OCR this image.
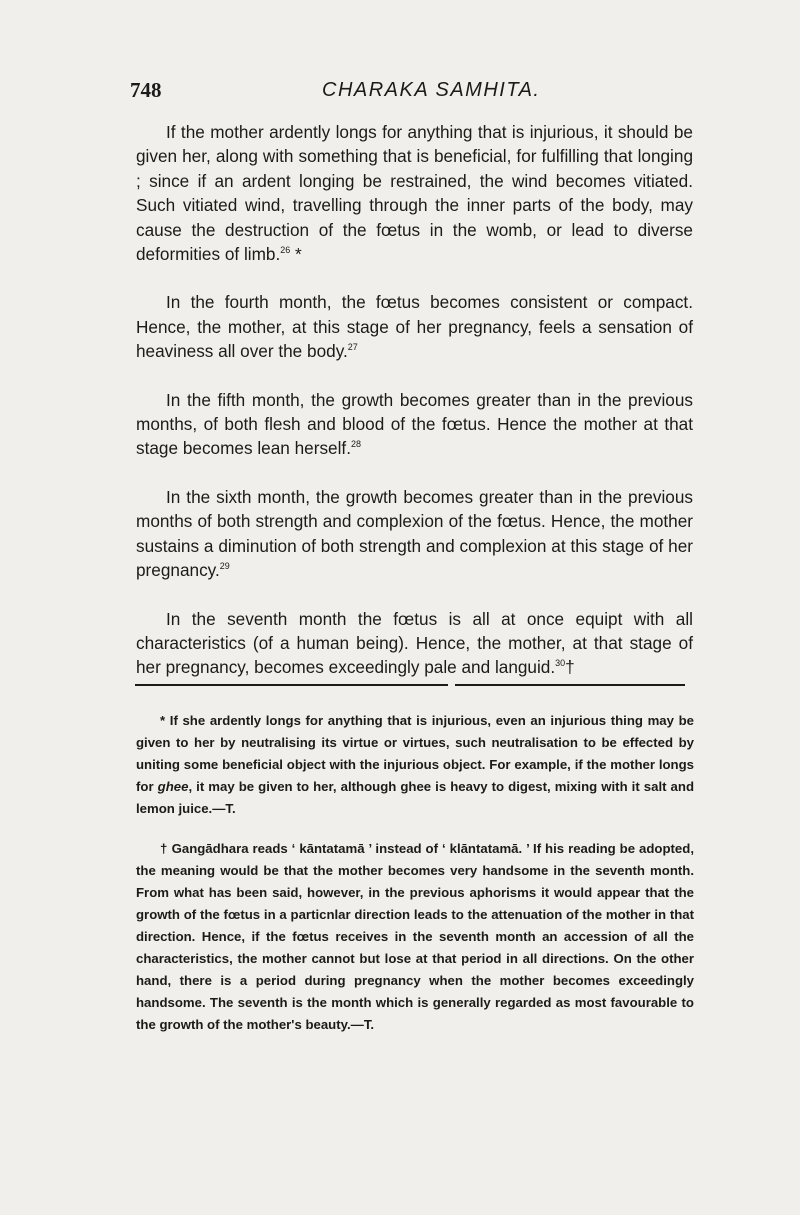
748	CHARAKA SAMHITA.

If the mother ardently longs for anything that is injurious, it should be given her, along with something that is beneficial, for fulfilling that longing ; since if an ardent longing be restrained, the wind becomes vitiated. Such vitiated wind, travelling through the inner parts of the body, may cause the destruction of the fœtus in the womb, or lead to diverse deformities of limb.$^{26}$ *

In the fourth month, the fœtus becomes consistent or compact. Hence, the mother, at this stage of her pregnancy, feels a sensation of heaviness all over the body.$^{27}$

In the fifth month, the growth becomes greater than in the previous months, of both flesh and blood of the fœtus. Hence the mother at that stage becomes lean herself.$^{28}$

In the sixth month, the growth becomes greater than in the previous months of both strength and complexion of the fœtus. Hence, the mother sustains a diminution of both strength and complexion at this stage of her pregnancy.$^{29}$

In the seventh month the fœtus is all at once equipt with all characteristics (of a human being). Hence, the mother, at that stage of her pregnancy, becomes exceedingly pale and languid.$^{30}$†

* If she ardently longs for anything that is injurious, even an injurious thing may be given to her by neutralising its virtue or virtues, such neutralisation to be effected by uniting some beneficial object with the injurious object. For example, if the mother longs for ghee, it may be given to her, although ghee is heavy to digest, mixing with it salt and lemon juice.—T.

† Gangādhara reads ‘ kāntatamā ’ instead of ‘ klāntatamā. ’ If his reading be adopted, the meaning would be that the mother becomes very handsome in the seventh month. From what has been said, however, in the previous aphorisms it would appear that the growth of the fœtus in a particnlar direction leads to the attenuation of the mother in that direction. Hence, if the fœtus receives in the seventh month an accession of all the characteristics, the mother cannot but lose at that period in all directions. On the other hand, there is a period during pregnancy when the mother becomes exceedingly handsome. The seventh is the month which is generally regarded as most favourable to the growth of the mother's beauty.—T.
